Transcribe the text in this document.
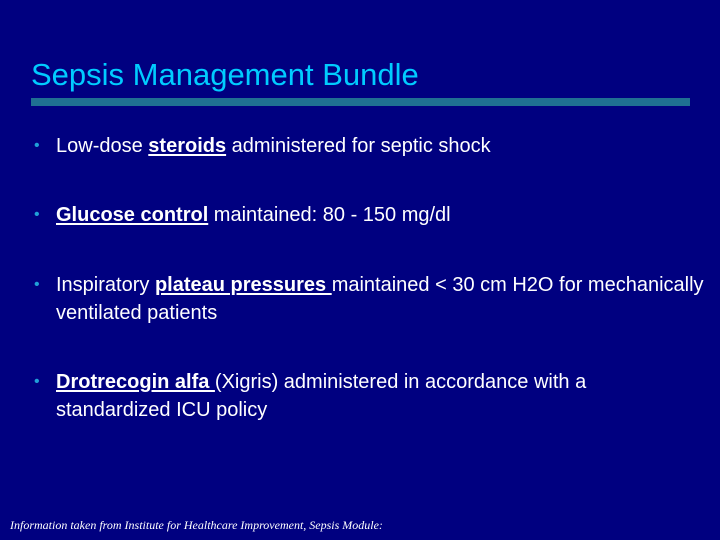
Sepsis Management Bundle
• Low-dose steroids administered for septic shock
• Glucose control maintained: 80 - 150 mg/dl
• Inspiratory plateau pressures maintained < 30 cm H2O for mechanically ventilated patients
• Drotrecogin alfa (Xigris) administered in accordance with a standardized ICU policy
Information taken from Institute for Healthcare Improvement, Sepsis Module:
